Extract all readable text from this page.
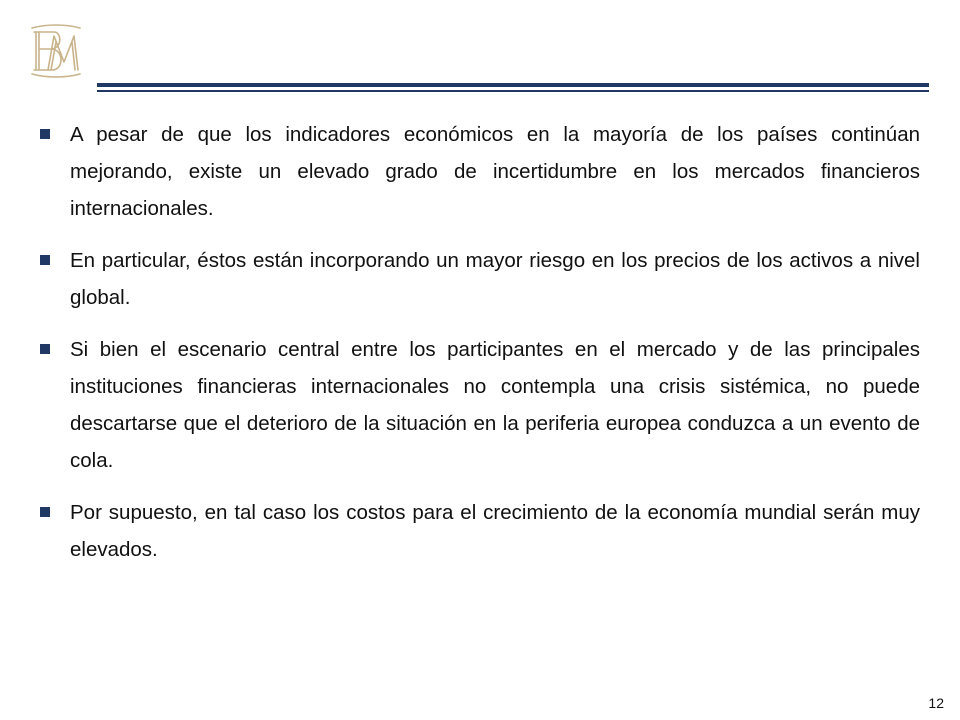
A pesar de que los indicadores económicos en la mayoría de los países continúan mejorando, existe un elevado grado de incertidumbre en los mercados financieros internacionales.
En particular, éstos están incorporando un mayor riesgo en los precios de los activos a nivel global.
Si bien el escenario central entre los participantes en el mercado y de las principales instituciones financieras internacionales no contempla una crisis sistémica, no puede descartarse que el deterioro de la situación en la periferia europea conduzca a un evento de cola.
Por supuesto, en tal caso los costos para el crecimiento de la economía mundial serán muy elevados.
12
